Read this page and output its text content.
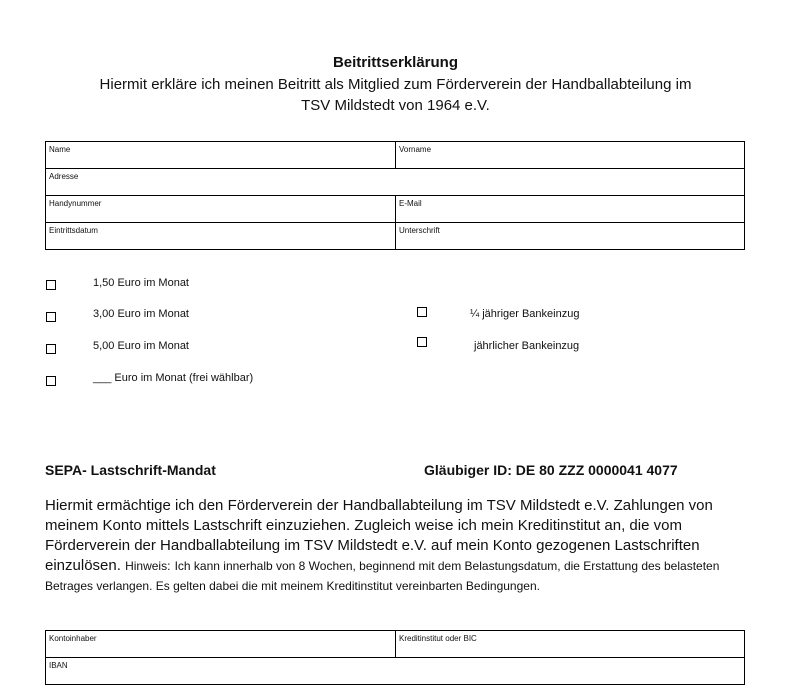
Beitrittserklärung
Hiermit erkläre ich meinen Beitritt als Mitglied zum Förderverein der Handballabteilung im
TSV Mildstedt von 1964 e.V.
Name	Vorname
Adresse	
Handynummer	E-Mail
Eintrittsdatum	Unterschrift
1,50 Euro im Monat
3,00 Euro im Monat
5,00 Euro im Monat
___ Euro im Monat (frei wählbar)
¼ jähriger Bankeinzug
jährlicher Bankeinzug
SEPA- Lastschrift-Mandat	Gläubiger ID: DE 80 ZZZ 0000041 4077
Hiermit ermächtige ich den Förderverein der Handballabteilung im TSV Mildstedt e.V. Zahlungen von meinem Konto mittels Lastschrift einzuziehen. Zugleich weise ich mein Kreditinstitut an, die vom Förderverein der Handballabteilung im TSV Mildstedt e.V. auf mein Konto gezogenen Lastschriften einzulösen. Hinweis: Ich kann innerhalb von 8 Wochen, beginnend mit dem Belastungsdatum, die Erstattung des belasteten Betrages verlangen. Es gelten dabei die mit meinem Kreditinstitut vereinbarten Bedingungen.
Kontoinhaber	Kreditinstitut oder BIC
IBAN
